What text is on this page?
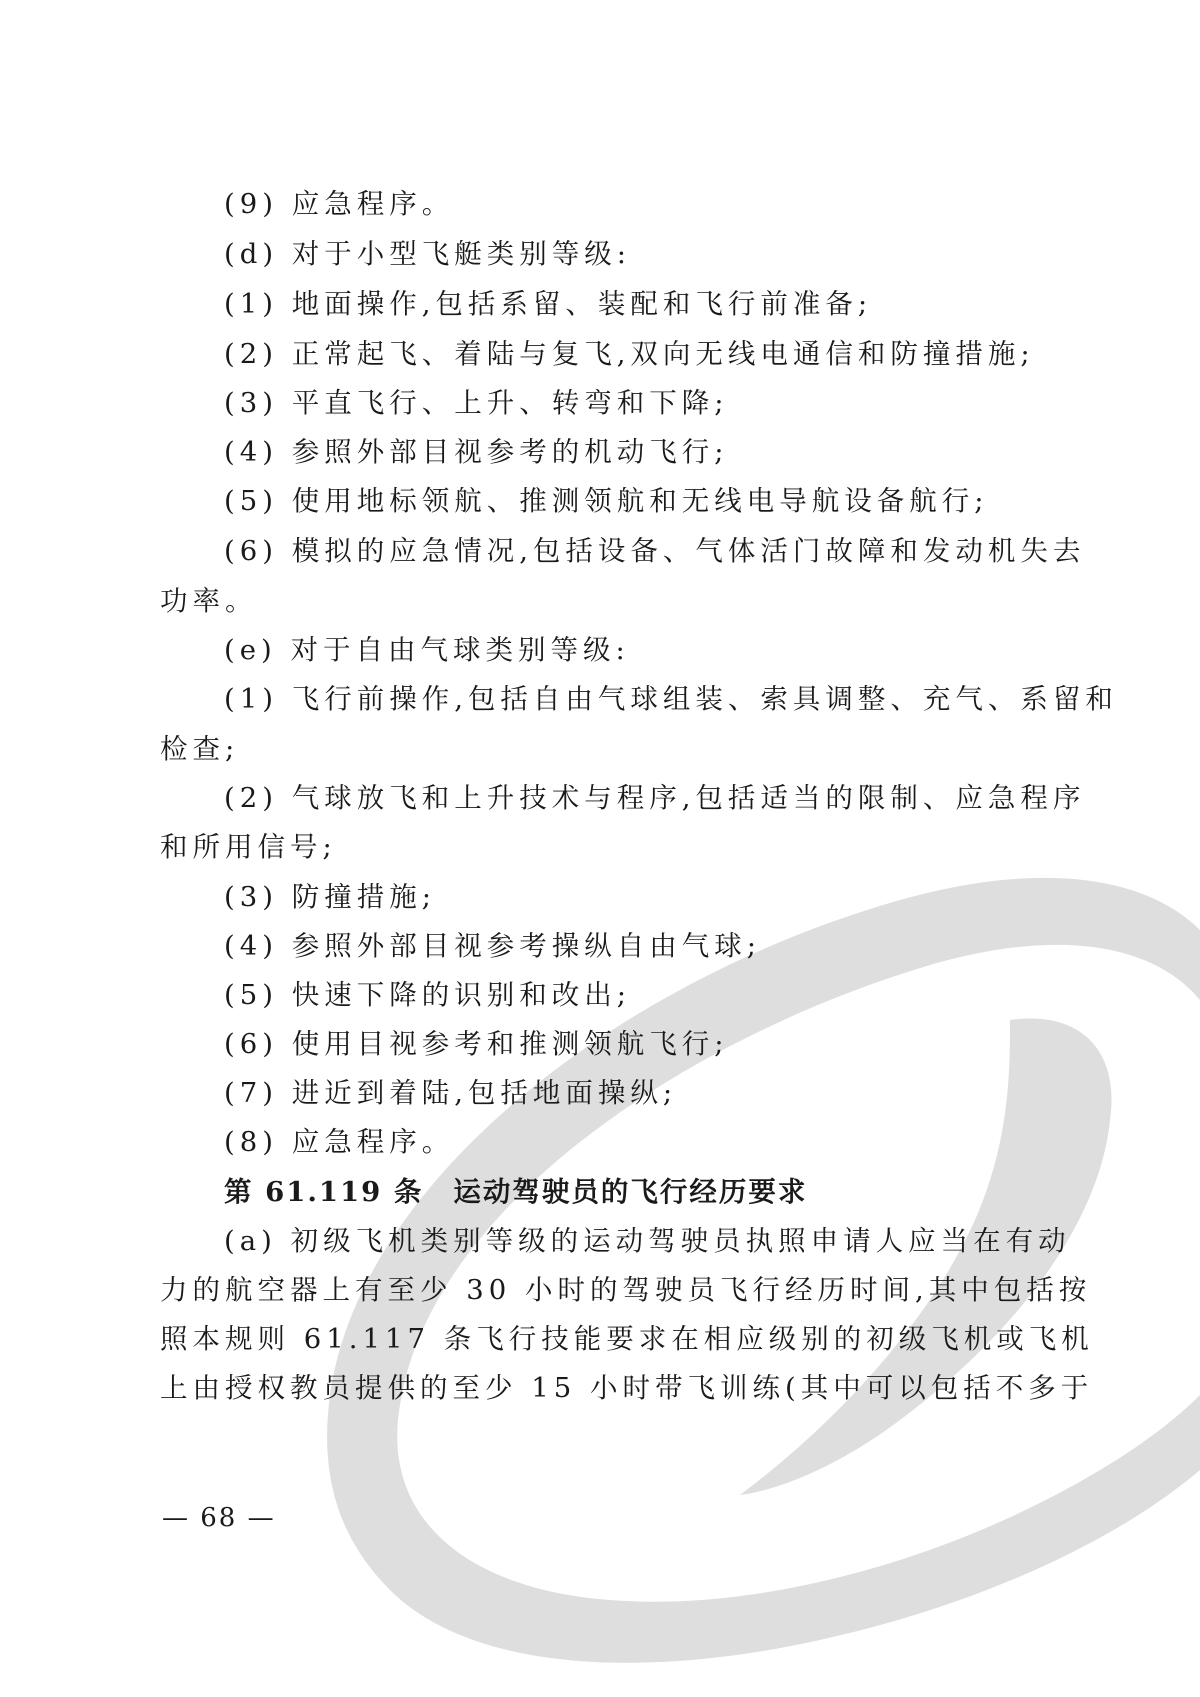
(9) 应急程序。
(d) 对于小型飞艇类别等级:
(1) 地面操作,包括系留、装配和飞行前准备;
(2) 正常起飞、着陆与复飞,双向无线电通信和防撞措施;
(3) 平直飞行、上升、转弯和下降;
(4) 参照外部目视参考的机动飞行;
(5) 使用地标领航、推测领航和无线电导航设备航行;
(6) 模拟的应急情况,包括设备、气体活门故障和发动机失去
功率。
(e) 对于自由气球类别等级:
(1) 飞行前操作,包括自由气球组装、索具调整、充气、系留和
检查;
(2) 气球放飞和上升技术与程序,包括适当的限制、应急程序
和所用信号;
(3) 防撞措施;
(4) 参照外部目视参考操纵自由气球;
(5) 快速下降的识别和改出;
(6) 使用目视参考和推测领航飞行;
(7) 进近到着陆,包括地面操纵;
(8) 应急程序。
第 61.119 条 运动驾驶员的飞行经历要求
(a) 初级飞机类别等级的运动驾驶员执照申请人应当在有动
力的航空器上有至少 30 小时的驾驶员飞行经历时间,其中包括按
照本规则 61.117 条飞行技能要求在相应级别的初级飞机或飞机
上由授权教员提供的至少 15 小时带飞训练(其中可以包括不多于
— 68 —
